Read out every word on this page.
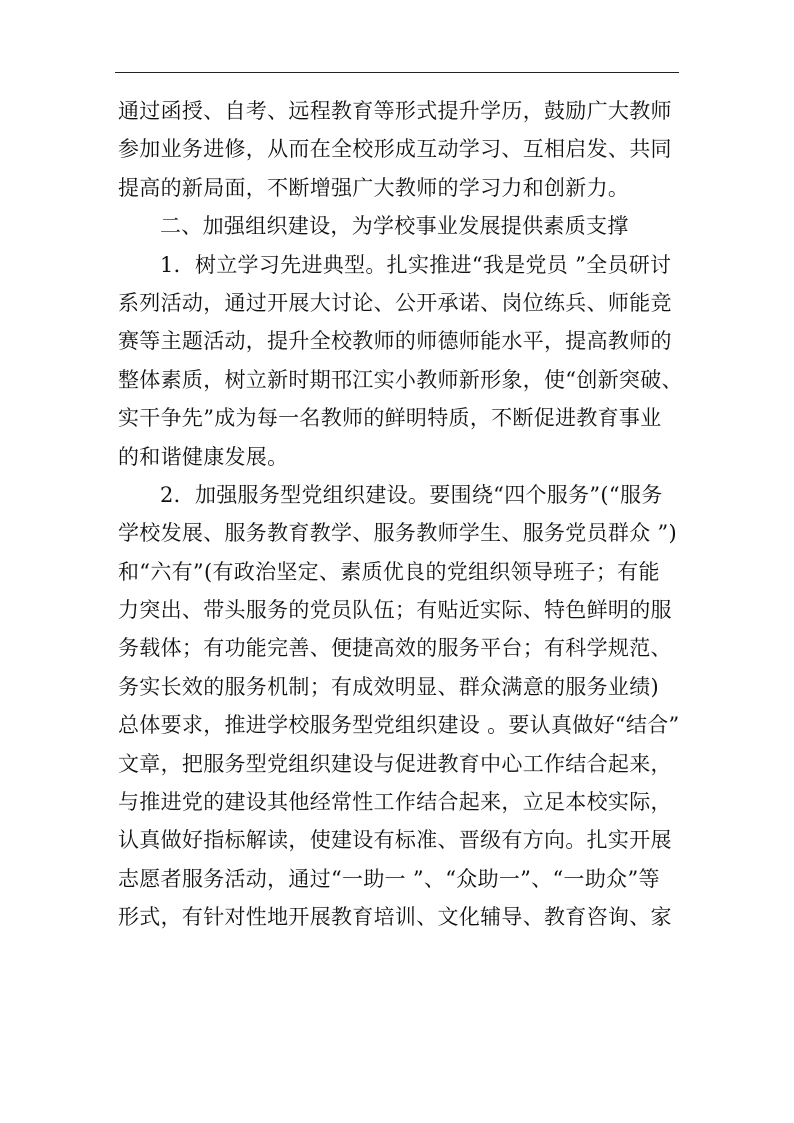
通过函授、自考、远程教育等形式提升学历，鼓励广大教师
参加业务进修，从而在全校形成互动学习、互相启发、共同
提高的新局面，不断增强广大教师的学习力和创新力。
二、加强组织建设，为学校事业发展提供素质支撑
1．树立学习先进典型。扎实推进“我是党员 ”全员研讨
系列活动，通过开展大讨论、公开承诺、岗位练兵、师能竞
赛等主题活动，提升全校教师的师德师能水平，提高教师的
整体素质，树立新时期邗江实小教师新形象，使“创新突破、
实干争先”成为每一名教师的鲜明特质，不断促进教育事业
的和谐健康发展。
2．加强服务型党组织建设。要围绕“四个服务”(“服务
学校发展、服务教育教学、服务教师学生、服务党员群众 ”)
和“六有”(有政治坚定、素质优良的党组织领导班子；有能
力突出、带头服务的党员队伍；有贴近实际、特色鲜明的服
务载体；有功能完善、便捷高效的服务平台；有科学规范、
务实长效的服务机制；有成效明显、群众满意的服务业绩)
总体要求，推进学校服务型党组织建设 。要认真做好“结合”
文章，把服务型党组织建设与促进教育中心工作结合起来，
与推进党的建设其他经常性工作结合起来，立足本校实际，
认真做好指标解读，使建设有标准、晋级有方向。扎实开展
志愿者服务活动，通过“一助一 ”、“众助一”、“一助众”等
形式，有针对性地开展教育培训、文化辅导、教育咨询、家
